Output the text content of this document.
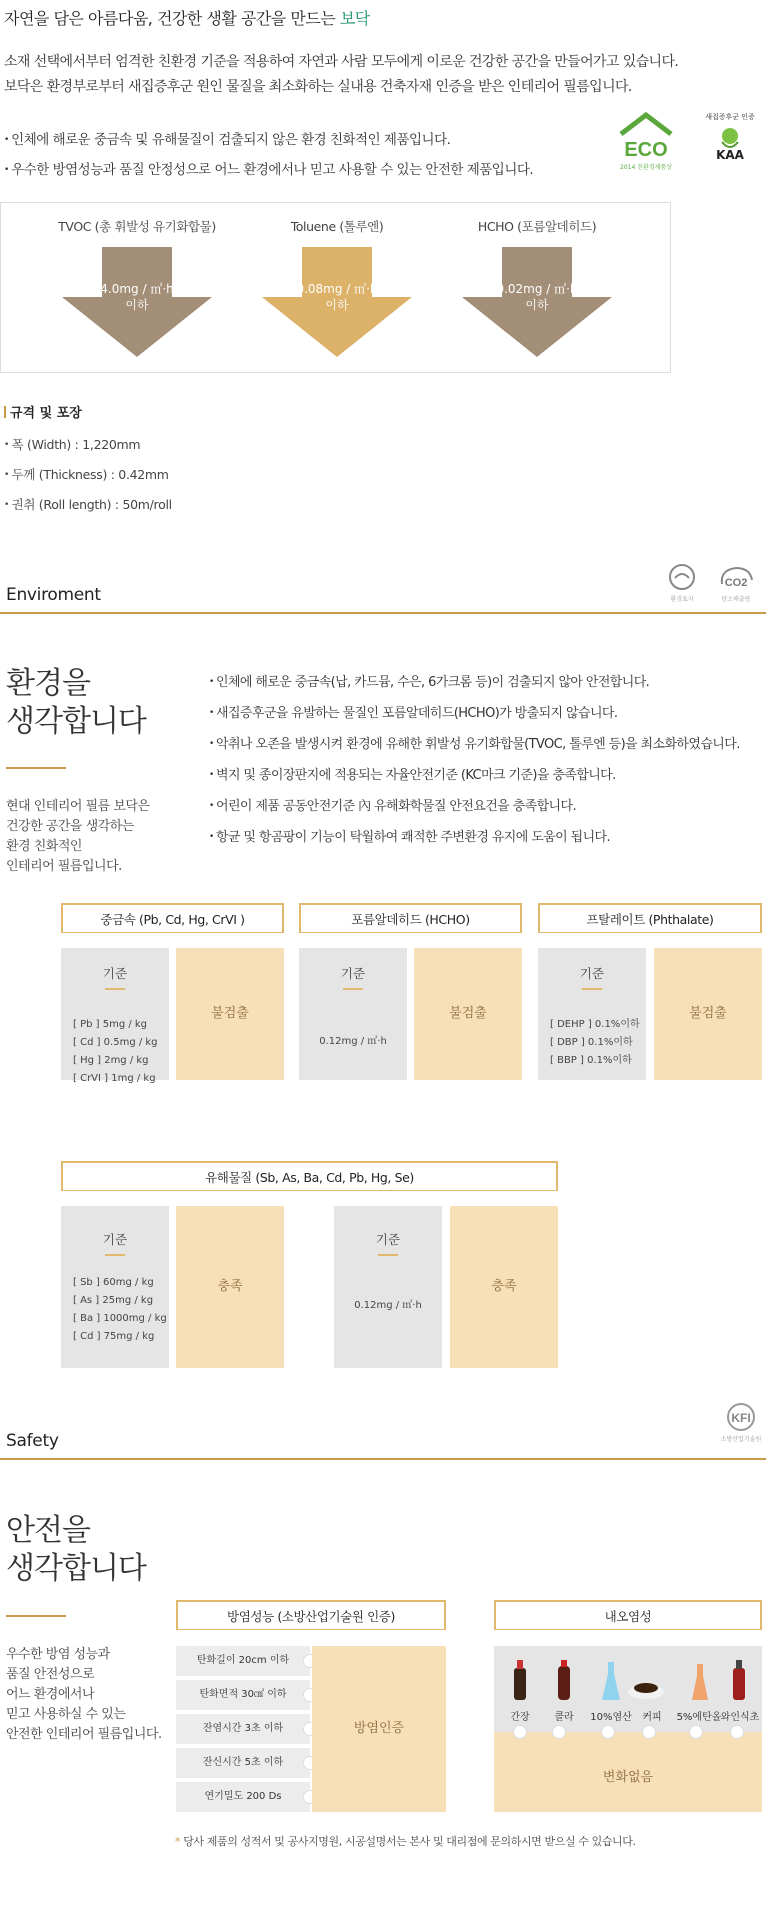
자연을 담은 아름다움, 건강한 생활 공간을 만드는 보닥
소재 선택에서부터 엄격한 친환경 기준을 적용하여 자연과 사람 모두에게 이로운 건강한 공간을 만들어가고 있습니다.
보닥은 환경부로부터 새집증후군 원인 물질을 최소화하는 실내용 건축자재 인증을 받은 인테리어 필름입니다.
• 인체에 해로운 중금속 및 유해물질이 검출되지 않은 환경 친화적인 제품입니다.
• 우수한 방염성능과 품질 안정성으로 어느 환경에서나 믿고 사용할 수 있는 안전한 제품입니다.
ECO
2014 친환경제품상
새집증후군 인증
KAA
TVOC (총 휘발성 유기화합물)
4.0mg / ㎡·h
이하
Toluene (톨루엔)
0.08mg / ㎡·h
이하
HCHO (포름알데히드)
0.02mg / ㎡·h
이하
규격 및 포장
• 폭 (Width) : 1,220mm
• 두께 (Thickness) : 0.42mm
• 권취 (Roll length) : 50m/roll
Enviroment	환경표지
CO2
탄소배출량
환경을
생각합니다
현대 인테리어 필름 보닥은
건강한 공간을 생각하는
환경 친화적인
인테리어 필름입니다.
• 인체에 해로운 중금속(납, 카드뮴, 수은, 6가크롬 등)이 검출되지 않아 안전합니다.
• 새집증후군을 유발하는 물질인 포름알데히드(HCHO)가 방출되지 않습니다.
• 악취나 오존을 발생시켜 환경에 유해한 휘발성 유기화합물(TVOC, 톨루엔 등)을 최소화하였습니다.
• 벽지 및 종이장판지에 적용되는 자율안전기준 (KC마크 기준)을 충족합니다.
• 어린이 제품 공동안전기준 內 유해화학물질 안전요건을 충족합니다.
• 항균 및 항곰팡이 기능이 탁월하여 쾌적한 주변환경 유지에 도움이 됩니다.
중금속 (Pb, Cd, Hg, CrVI )
기준
[ Pb ] 5mg / kg
[ Cd ] 0.5mg / kg
[ Hg ] 2mg / kg
[ CrVI ] 1mg / kg
불검출
포름알데히드 (HCHO)
기준
0.12mg / ㎡·h
불검출
프탈레이트 (Phthalate)
기준
[ DEHP ] 0.1%이하
[ DBP ] 0.1%이하
[ BBP ] 0.1%이하
불검출
유해물질 (Sb, As, Ba, Cd, Pb, Hg, Se)
기준
[ Sb ] 60mg / kg
[ As ] 25mg / kg
[ Ba ] 1000mg / kg
[ Cd ] 75mg / kg
충족
기준
0.12mg / ㎡·h
충족
Safety
KFI
소방산업기술원
안전을
생각합니다
우수한 방염 성능과
품질 안전성으로
어느 환경에서나
믿고 사용하실 수 있는
안전한 인테리어 필름입니다.
방염성능 (소방산업기술원 인증)
탄화길이 20cm 이하
탄화면적 30㎠ 이하
잔염시간 3초 이하
잔신시간 5초 이하
연기밀도 200 Ds
방염인증
내오염성
간장	콜라	10%염산	커피	5%에탄올 와인식초
변화없음
* 당사 제품의 성적서 및 공사지명원, 시공설명서는 본사 및 대리점에 문의하시면 받으실 수 있습니다.
